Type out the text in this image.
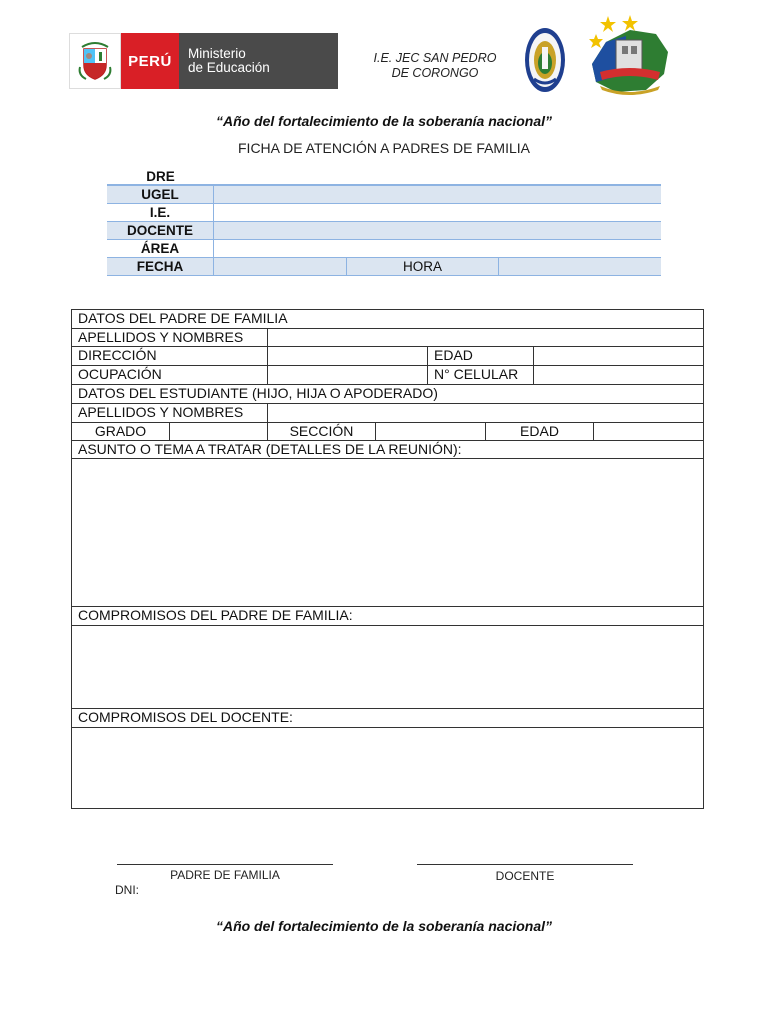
PERÚ	Ministerio
de Educación
I.E. JEC SAN PEDRO
DE CORONGO
“Año del fortalecimiento de la soberanía nacional”
FICHA DE ATENCIÓN A PADRES DE FAMILIA
DRE
UGEL
I.E.
DOCENTE
ÁREA
FECHA	HORA
DATOS DEL PADRE DE FAMILIA
APELLIDOS Y NOMBRES
DIRECCIÓN	EDAD
OCUPACIÓN	N° CELULAR
DATOS DEL ESTUDIANTE (HIJO, HIJA O APODERADO)
APELLIDOS Y NOMBRES
GRADO	SECCIÓN	EDAD
ASUNTO O TEMA A TRATAR (DETALLES DE LA REUNIÓN):
COMPROMISOS DEL PADRE DE FAMILIA:
COMPROMISOS DEL DOCENTE:
PADRE DE FAMILIA
DNI:
DOCENTE
“Año del fortalecimiento de la soberanía nacional”
